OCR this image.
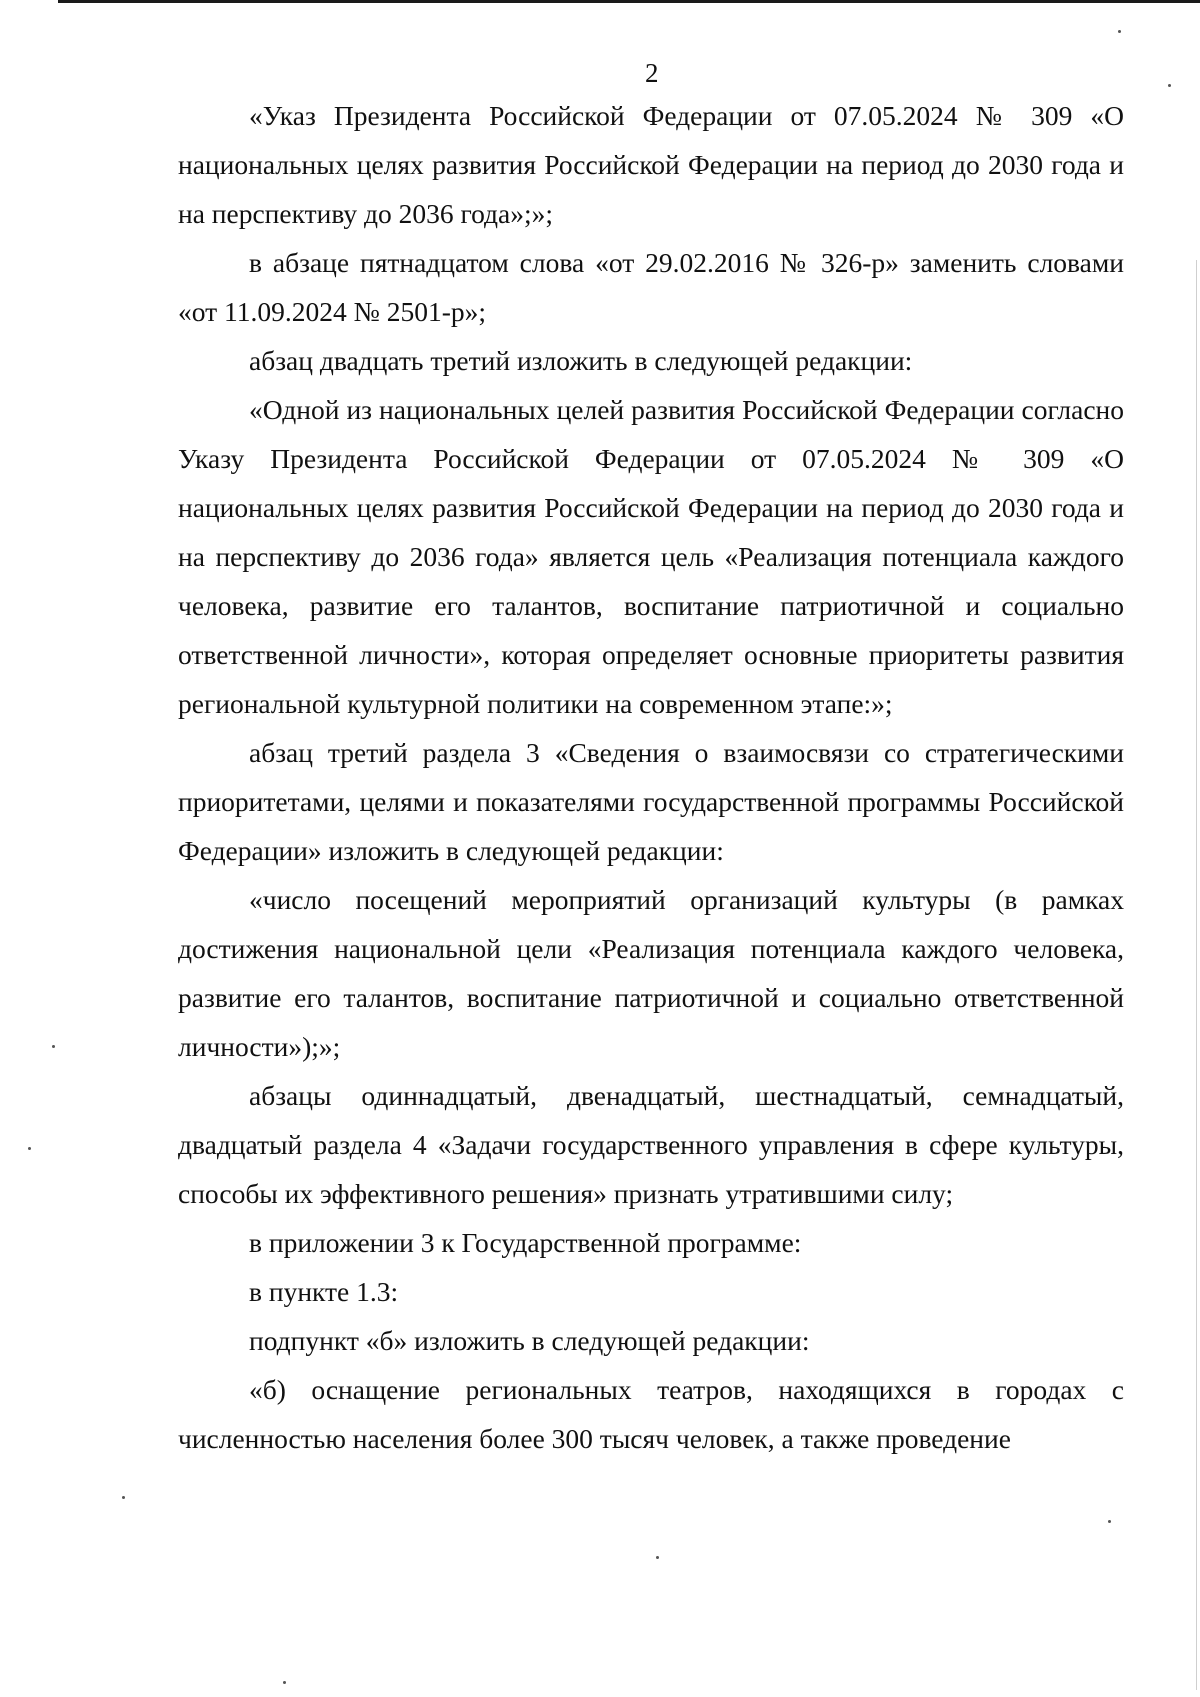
2

«Указ Президента Российской Федерации от 07.05.2024 № 309 «О национальных целях развития Российской Федерации на период до 2030 года и на перспективу до 2036 года»;»;

в абзаце пятнадцатом слова «от 29.02.2016 № 326-р» заменить словами «от 11.09.2024 № 2501-р»;

абзац двадцать третий изложить в следующей редакции:

«Одной из национальных целей развития Российской Федерации согласно Указу Президента Российской Федерации от 07.05.2024 № 309 «О национальных целях развития Российской Федерации на период до 2030 года и на перспективу до 2036 года» является цель «Реализация потенциала каждого человека, развитие его талантов, воспитание патриотичной и социально ответственной личности», которая определяет основные приоритеты развития региональной культурной политики на современном этапе:»;

абзац третий раздела 3 «Сведения о взаимосвязи со стратегическими приоритетами, целями и показателями государственной программы Российской Федерации» изложить в следующей редакции:

«число посещений мероприятий организаций культуры (в рамках достижения национальной цели «Реализация потенциала каждого человека, развитие его талантов, воспитание патриотичной и социально ответственной личности»);»;

абзацы одиннадцатый, двенадцатый, шестнадцатый, семнадцатый, двадцатый раздела 4 «Задачи государственного управления в сфере культуры, способы их эффективного решения» признать утратившими силу;

в приложении 3 к Государственной программе:

в пункте 1.3:

подпункт «б» изложить в следующей редакции:

«б) оснащение региональных театров, находящихся в городах с численностью населения более 300 тысяч человек, а также проведение
